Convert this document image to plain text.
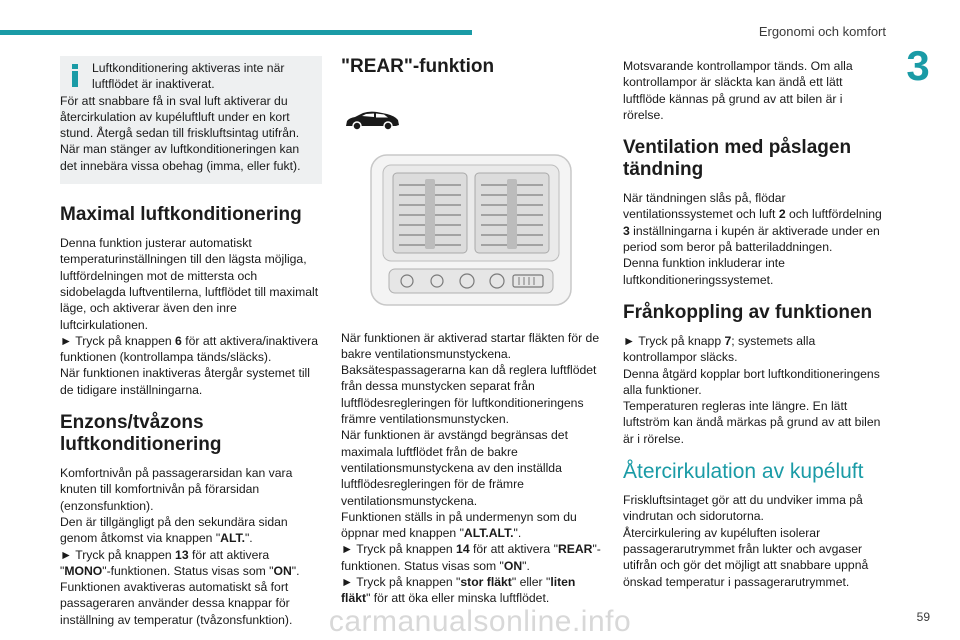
Ergonomi och komfort
3

Luftkonditionering aktiveras inte när luftflödet är inaktiverat.

För att snabbare få in sval luft aktiverar du återcirkulation av kupéluftluft under en kort stund. Återgå sedan till friskluftsintag utifrån. När man stänger av luftkonditioneringen kan det innebära vissa obehag (imma, eller fukt).

Maximal luftkonditionering

Denna funktion justerar automatiskt temperaturinställningen till den lägsta möjliga, luftfördelningen mot de mittersta och sidobelagda luftventilerna, luftflödet till maximalt läge, och aktiverar även den inre luftcirkulationen.

► Tryck på knappen 6 för att aktivera/inaktivera funktionen (kontrollampa tänds/släcks).

När funktionen inaktiveras återgår systemet till de tidigare inställningarna.

Enzons/tvåzons luftkonditionering

Komfortnivån på passagerarsidan kan vara knuten till komfortnivån på förarsidan (enzonsfunktion).

Den är tillgängligt på den sekundära sidan genom åtkomst via knappen "ALT.".

► Tryck på knappen 13 för att aktivera "MONO"-funktionen. Status visas som "ON".

Funktionen avaktiveras automatiskt så fort passageraren använder dessa knappar för inställning av temperatur (tvåzonsfunktion).

"REAR"-funktion

När funktionen är aktiverad startar fläkten för de bakre ventilationsmunstyckena.

Baksätespassagerarna kan då reglera luftflödet från dessa munstycken separat från luftflödesregleringen för luftkonditioneringens främre ventilationsmunstycken.

När funktionen är avstängd begränsas det maximala luftflödet från de bakre ventilationsmunstyckena av den inställda luftflödesregleringen för de främre ventilationsmunstyckena.

Funktionen ställs in på undermenyn som du öppnar med knappen "ALT.ALT.".

► Tryck på knappen 14 för att aktivera "REAR"-funktionen. Status visas som "ON".

► Tryck på knappen "stor fläkt" eller "liten fläkt" för att öka eller minska luftflödet.

Motsvarande kontrollampor tänds. Om alla kontrollampor är släckta kan ändå ett lätt luftflöde kännas på grund av att bilen är i rörelse.

Ventilation med påslagen tändning

När tändningen slås på, flödar ventilationssystemet och luft 2 och luftfördelning 3 inställningarna i kupén är aktiverade under en period som beror på batteriladdningen.

Denna funktion inkluderar inte luftkonditioneringssystemet.

Frånkoppling av funktionen

► Tryck på knapp 7; systemets alla kontrollampor släcks.

Denna åtgärd kopplar bort luftkonditioneringens alla funktioner.

Temperaturen regleras inte längre. En lätt luftström kan ändå märkas på grund av att bilen är i rörelse.

Återcirkulation av kupéluft

Friskluftsintaget gör att du undviker imma på vindrutan och sidorutorna.

Återcirkulering av kupéluften isolerar passagerarutrymmet från lukter och avgaser utifrån och gör det möjligt att snabbare uppnå önskad temperatur i passagerarutrymmet.

59
carmanualsonline.info
